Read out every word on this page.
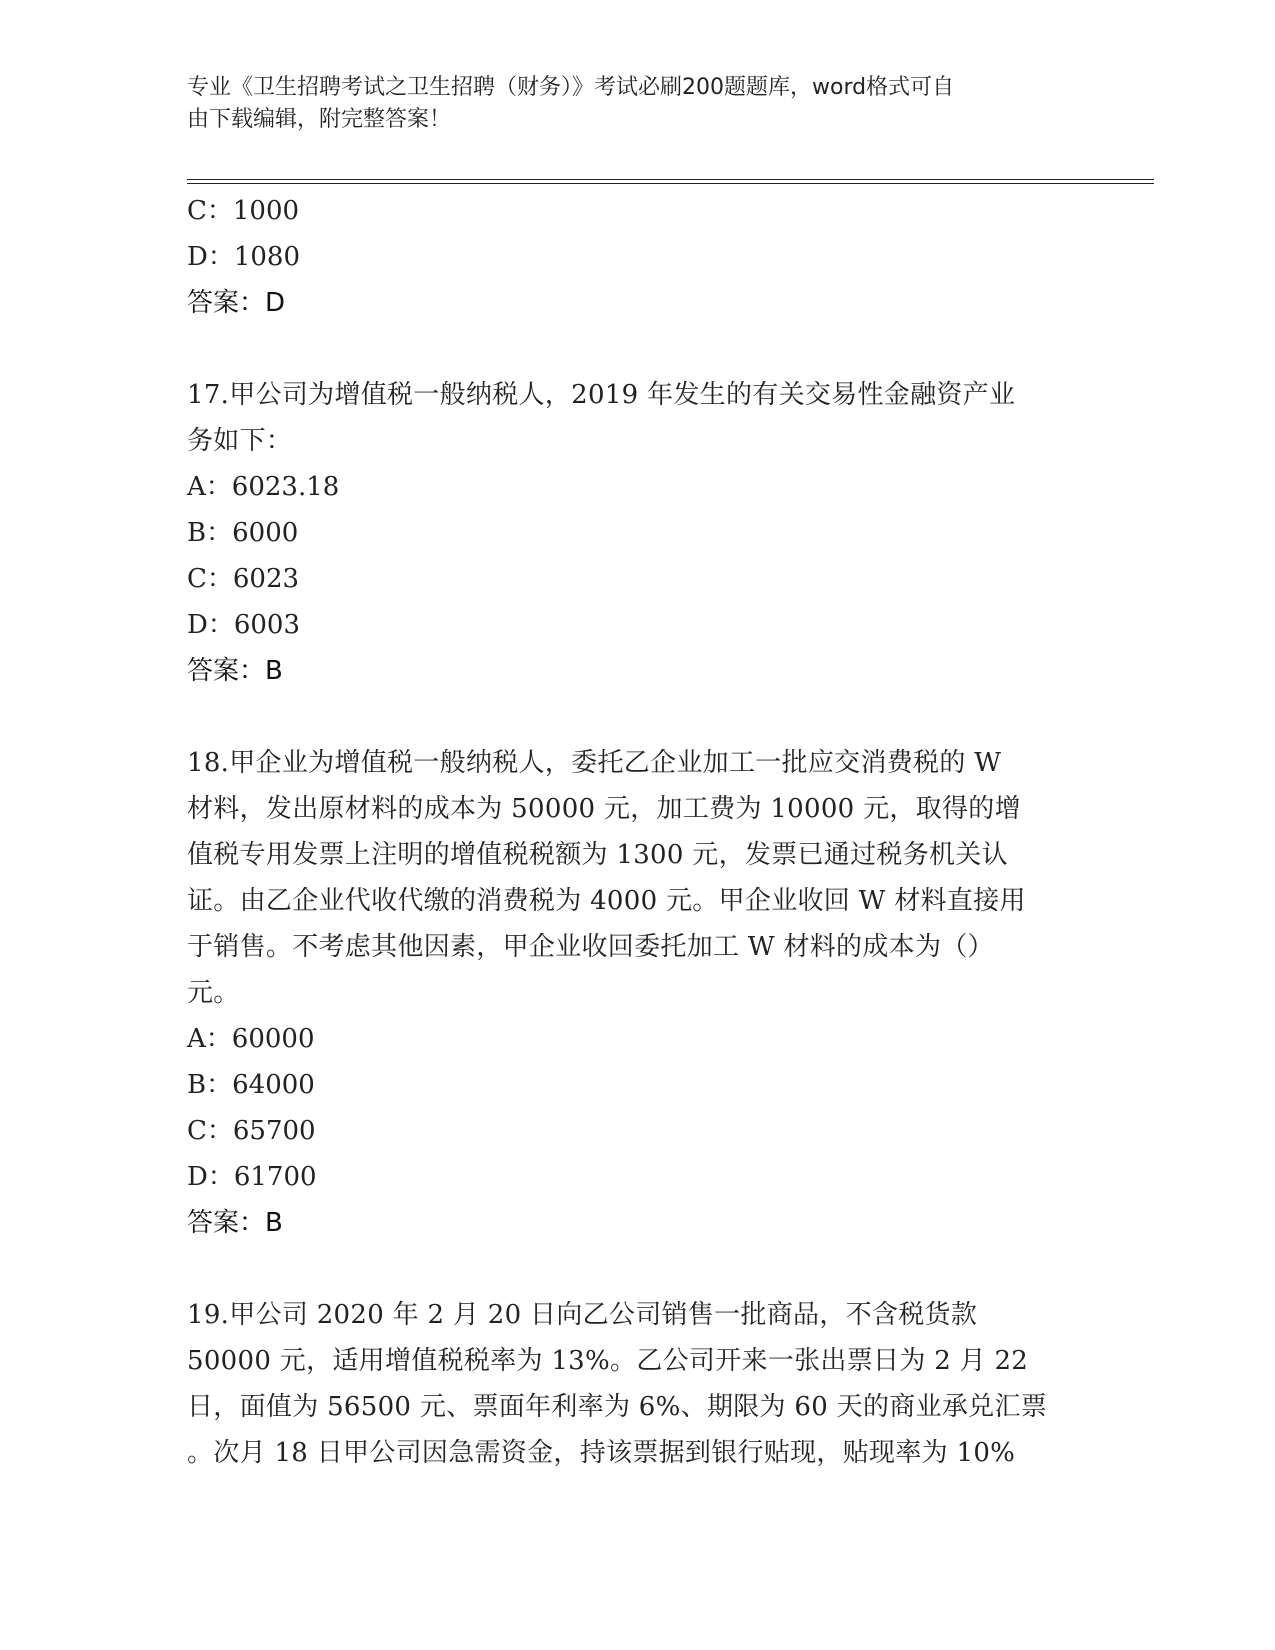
专业《卫生招聘考试之卫生招聘（财务）》考试必刷200题题库，word格式可自
由下载编辑，附完整答案！
C：1000
D：1080
答案：D
17.甲公司为增值税一般纳税人，2019 年发生的有关交易性金融资产业
务如下：
A：6023.18
B：6000
C：6023
D：6003
答案：B
18.甲企业为增值税一般纳税人，委托乙企业加工一批应交消费税的 W
材料，发出原材料的成本为 50000 元，加工费为 10000 元，取得的增
值税专用发票上注明的增值税税额为 1300 元，发票已通过税务机关认
证。由乙企业代收代缴的消费税为 4000 元。甲企业收回 W 材料直接用
于销售。不考虑其他因素，甲企业收回委托加工 W 材料的成本为（）
元。
A：60000
B：64000
C：65700
D：61700
答案：B
19.甲公司 2020 年 2 月 20 日向乙公司销售一批商品，不含税货款
50000 元，适用增值税税率为 13%。乙公司开来一张出票日为 2 月 22
日，面值为 56500 元、票面年利率为 6%、期限为 60 天的商业承兑汇票
。次月 18 日甲公司因急需资金，持该票据到银行贴现，贴现率为 10%
